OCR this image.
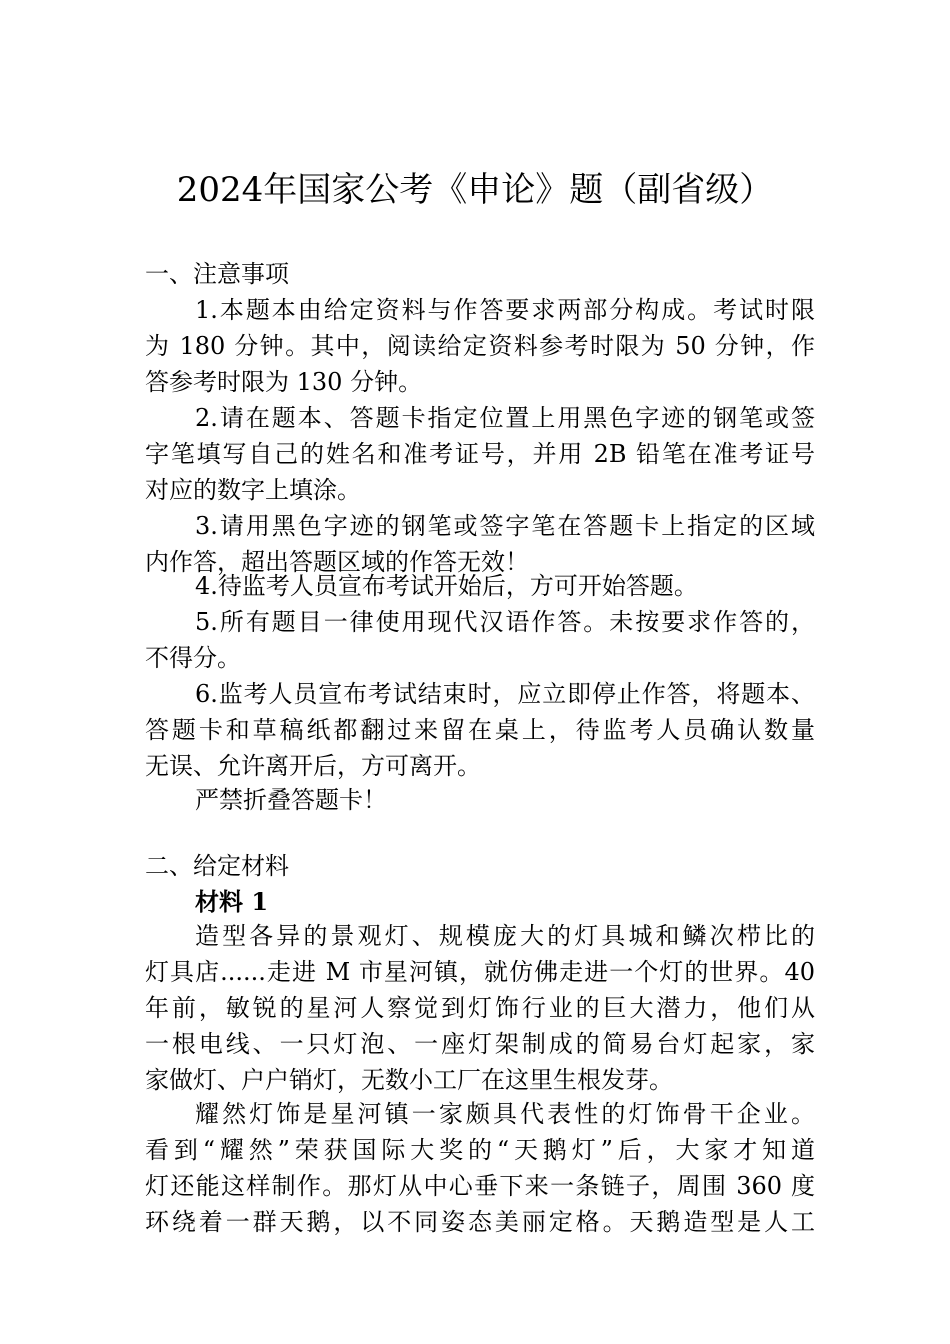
2024年国家公考《申论》题（副省级）
一、注意事项
1.本题本由给定资料与作答要求两部分构成。考试时限
为 180 分钟。其中，阅读给定资料参考时限为 50 分钟，作
答参考时限为 130 分钟。
2.请在题本、答题卡指定位置上用黑色字迹的钢笔或签
字笔填写自己的姓名和准考证号，并用 2B 铅笔在准考证号
对应的数字上填涂。
3.请用黑色字迹的钢笔或签字笔在答题卡上指定的区域
内作答，超出答题区域的作答无效！
4.待监考人员宣布考试开始后，方可开始答题。
5.所有题目一律使用现代汉语作答。未按要求作答的，
不得分。
6.监考人员宣布考试结束时，应立即停止作答，将题本、
答题卡和草稿纸都翻过来留在桌上，待监考人员确认数量
无误、允许离开后，方可离开。
严禁折叠答题卡！
二、给定材料
材料 1
造型各异的景观灯、规模庞大的灯具城和鳞次栉比的
灯具店......走进 M 市星河镇，就仿佛走进一个灯的世界。40
年前，敏锐的星河人察觉到灯饰行业的巨大潜力，他们从
一根电线、一只灯泡、一座灯架制成的简易台灯起家，家
家做灯、户户销灯，无数小工厂在这里生根发芽。
耀然灯饰是星河镇一家颇具代表性的灯饰骨干企业。
看到“耀然”荣获国际大奖的“天鹅灯”后，大家才知道
灯还能这样制作。那灯从中心垂下来一条链子，周围 360 度
环绕着一群天鹅，以不同姿态美丽定格。天鹅造型是人工
